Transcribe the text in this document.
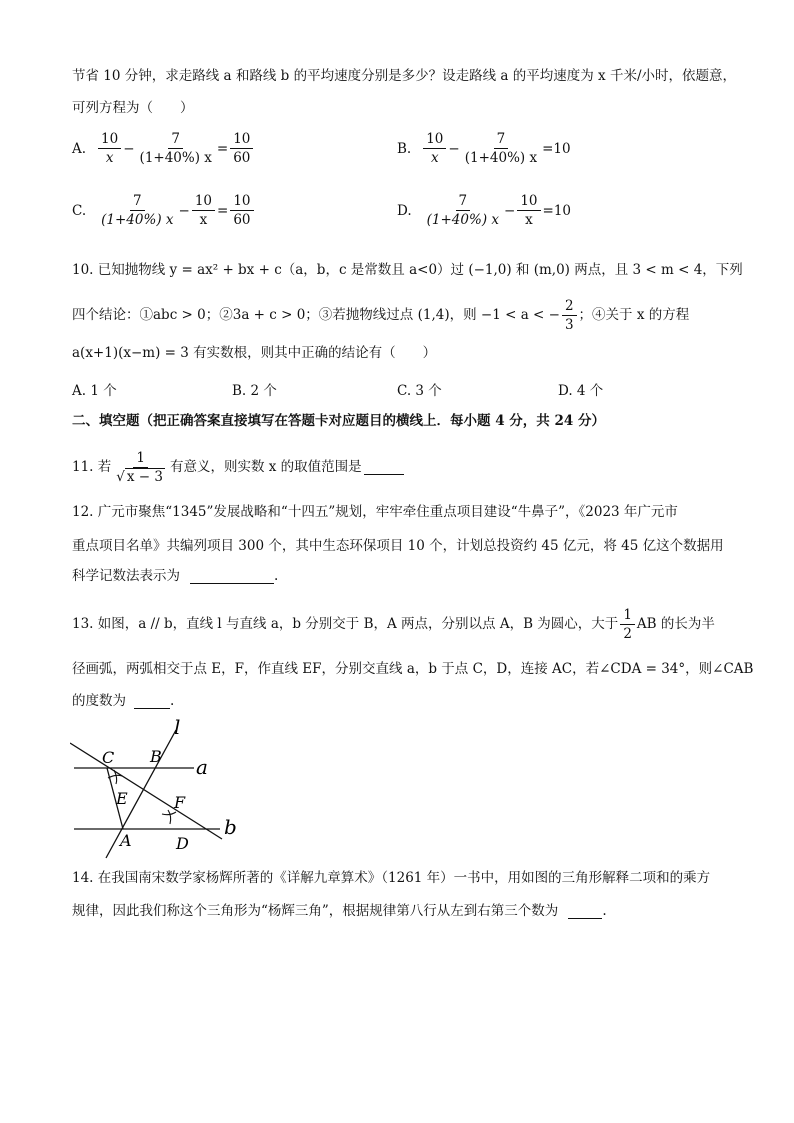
节省 10 分钟，求走路线 a 和路线 b 的平均速度分别是多少？设走路线 a 的平均速度为 x 千米/小时，依题意，
可列方程为（　　）
A. $\frac{10}{x} - \frac{7}{(1+40\%) x} = \frac{10}{60}$	B. $\frac{10}{x} - \frac{7}{(1+40\%) x} = 10$
C. $\frac{7}{(1+40\%) x} - \frac{10}{x} = \frac{10}{60}$	D. $\frac{7}{(1+40\%) x} - \frac{10}{x} = 10$
10. 已知抛物线 y = ax² + bx + c（a，b，c 是常数且 a<0）过 (−1,0) 和 (m,0) 两点，且 3 < m < 4，下列
四个结论：①abc > 0；②3a + c > 0；③若抛物线过点 (1,4)，则 −1 < a < − $\frac{2}{3}$ ；④关于 x 的方程
a(x+1)(x−m) = 3 有实数根，则其中正确的结论有（　　）
A. 1 个	B. 2 个	C. 3 个	D. 4 个
二、填空题（把正确答案直接填写在答题卡对应题目的横线上．每小题 4 分，共 24 分）
11. 若 $\frac{1}{√ x - 3}$ 有意义，则实数 x 的取值范围是
12. 广元市聚焦“1345”发展战略和“十四五”规划，牢牢牵住重点项目建设“牛鼻子”，《2023 年广元市
重点项目名单》共编列项目 300 个，其中生态环保项目 10 个，计划总投资约 45 亿元，将 45 亿这个数据用
科学记数法表示为	.
13. 如图，a // b，直线 l 与直线 a，b 分别交于 B，A 两点，分别以点 A，B 为圆心，大于 $\frac{1}{2}$ AB 的长为半
径画弧，两弧相交于点 E，F，作直线 EF，分别交直线 a，b 于点 C，D，连接 AC，若∠CDA = 34°，则∠CAB
的度数为	.
l
a
b
C B
E	F
A	D
14. 在我国南宋数学家杨辉所著的《详解九章算术》（1261 年）一书中，用如图的三角形解释二项和的乘方
规律，因此我们称这个三角形为“杨辉三角”，根据规律第八行从左到右第三个数为	.
